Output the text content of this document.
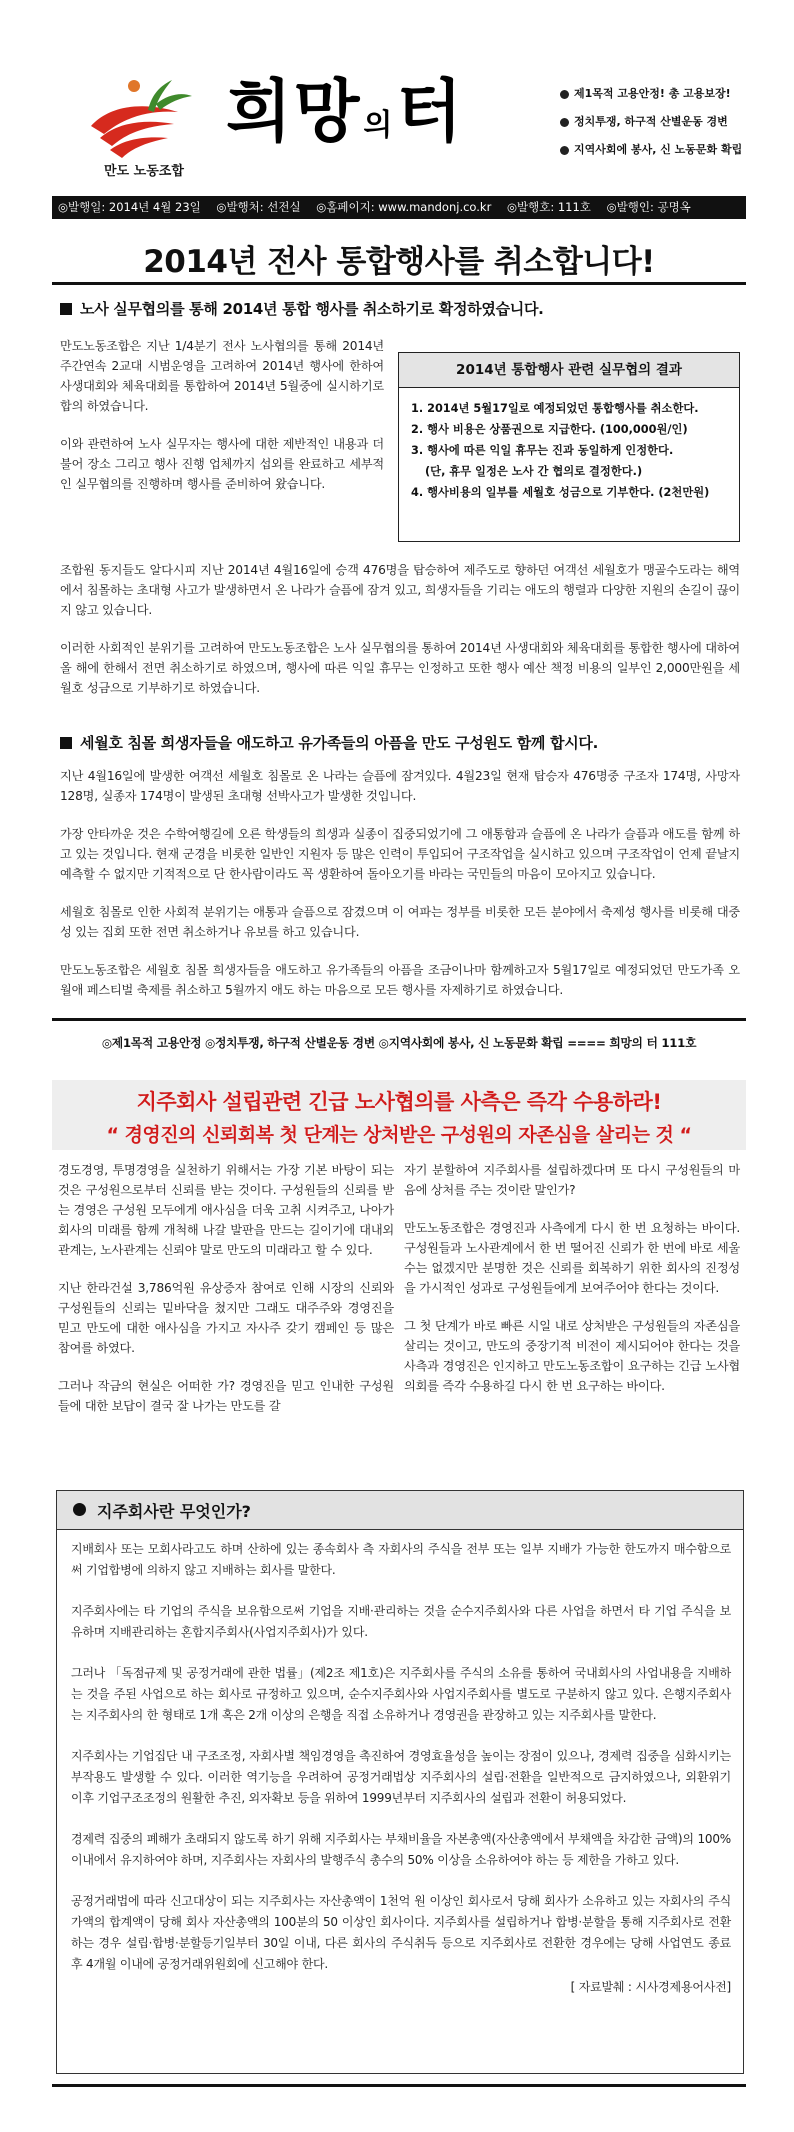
만도 노동조합
희망의터	제1목적 고용안정! 총 고용보장!
정치투쟁, 하구적 산별운동 경변
지역사회에 봉사, 신 노동문화 확립
◎발행일: 2014년 4월 23일 ◎발행처: 선전실 ◎홈페이지: www.mandonj.co.kr ◎발행호: 111호 ◎발행인: 공명옥
2014년 전사 통합행사를 취소합니다!
노사 실무협의를 통해 2014년 통합 행사를 취소하기로 확정하였습니다.

만도노동조합은 지난 1/4분기 전사 노사협의를 통해 2014년 주간연속 2교대 시범운영을 고려하여 2014년 행사에 한하여 사생대회와 체육대회를 통합하여 2014년 5월중에 실시하기로 합의 하였습니다.

이와 관련하여 노사 실무자는 행사에 대한 제반적인 내용과 더불어 장소 그리고 행사 진행 업체까지 섭외를 완료하고 세부적인 실무협의를 진행하며 행사를 준비하여 왔습니다.

2014년 통합행사 관련 실무협의 결과
1. 2014년 5월17일로 예정되었던 통합행사를 취소한다.
2. 행사 비용은 상품권으로 지급한다. (100,000원/인)
3. 행사에 따른 익일 휴무는 진과 동일하게 인정한다.
(단, 휴무 일정은 노사 간 협의로 결정한다.)
4. 행사비용의 일부를 세월호 성금으로 기부한다. (2천만원)

조합원 동지들도 알다시피 지난 2014년 4월16일에 승객 476명을 탑승하여 제주도로 향하던 여객선 세월호가 맹골수도라는 해역에서 침몰하는 초대형 사고가 발생하면서 온 나라가 슬픔에 잠겨 있고, 희생자들을 기리는 애도의 행렬과 다양한 지원의 손길이 끊이지 않고 있습니다.

이러한 사회적인 분위기를 고려하여 만도노동조합은 노사 실무협의를 통하여 2014년 사생대회와 체육대회를 통합한 행사에 대하여 올 해에 한해서 전면 취소하기로 하였으며, 행사에 따른 익일 휴무는 인정하고 또한 행사 예산 책정 비용의 일부인 2,000만원을 세월호 성금으로 기부하기로 하였습니다.

세월호 침몰 희생자들을 애도하고 유가족들의 아픔을 만도 구성원도 함께 합시다.

지난 4월16일에 발생한 여객선 세월호 침몰로 온 나라는 슬픔에 잠겨있다. 4월23일 현재 탑승자 476명중 구조자 174명, 사망자 128명, 실종자 174명이 발생된 초대형 선박사고가 발생한 것입니다.

가장 안타까운 것은 수학여행길에 오른 학생들의 희생과 실종이 집중되었기에 그 애통함과 슬픔에 온 나라가 슬픔과 애도를 함께 하고 있는 것입니다. 현재 군경을 비롯한 일반인 지원자 등 많은 인력이 투입되어 구조작업을 실시하고 있으며 구조작업이 언제 끝날지 예측할 수 없지만 기적적으로 단 한사람이라도 꼭 생환하여 돌아오기를 바라는 국민들의 마음이 모아지고 있습니다.

세월호 침몰로 인한 사회적 분위기는 애통과 슬픔으로 잠겼으며 이 여파는 정부를 비롯한 모든 분야에서 축제성 행사를 비롯해 대중성 있는 집회 또한 전면 취소하거나 유보를 하고 있습니다.

만도노동조합은 세월호 침몰 희생자들을 애도하고 유가족들의 아픔을 조금이나마 함께하고자 5월17일로 예정되었던 만도가족 오월애 페스티벌 축제를 취소하고 5월까지 애도 하는 마음으로 모든 행사를 자제하기로 하였습니다.

◎제1목적 고용안정 ◎정치투쟁, 하구적 산별운동 경변 ◎지역사회에 봉사, 신 노동문화 확립 ==== 희망의 터 111호
지주회사 설립관련 긴급 노사협의를 사측은 즉각 수용하라!
“ 경영진의 신뢰회복 첫 단계는 상처받은 구성원의 자존심을 살리는 것 “

경도경영, 투명경영을 실천하기 위해서는 가장 기본 바탕이 되는 것은 구성원으로부터 신뢰를 받는 것이다. 구성원들의 신뢰를 받는 경영은 구성원 모두에게 애사심을 더욱 고취 시켜주고, 나아가 회사의 미래를 함께 개척해 나갈 발판을 만드는 길이기에 대내외 관계는, 노사관계는 신뢰야 말로 만도의 미래라고 할 수 있다.

지난 한라건설 3,786억원 유상증자 참여로 인해 시장의 신뢰와 구성원들의 신뢰는 밑바닥을 쳤지만 그래도 대주주와 경영진을 믿고 만도에 대한 애사심을 가지고 자사주 갖기 캠페인 등 많은 참여를 하였다.

그러나 작금의 현실은 어떠한 가? 경영진을 믿고 인내한 구성원들에 대한 보답이 결국 잘 나가는 만도를 갈

자기 분할하여 지주회사를 설립하겠다며 또 다시 구성원들의 마음에 상처를 주는 것이란 말인가?

만도노동조합은 경영진과 사측에게 다시 한 번 요청하는 바이다. 구성원들과 노사관계에서 한 번 떨어진 신뢰가 한 번에 바로 세울 수는 없겠지만 분명한 것은 신뢰를 회복하기 위한 회사의 진정성을 가시적인 성과로 구성원들에게 보여주어야 한다는 것이다.

그 첫 단계가 바로 빠른 시일 내로 상처받은 구성원들의 자존심을 살리는 것이고, 만도의 중장기적 비전이 제시되어야 한다는 것을 사측과 경영진은 인지하고 만도노동조합이 요구하는 긴급 노사협의회를 즉각 수용하길 다시 한 번 요구하는 바이다.

지주회사란 무엇인가?

지배회사 또는 모회사라고도 하며 산하에 있는 종속회사 측 자회사의 주식을 전부 또는 일부 지배가 가능한 한도까지 매수함으로써 기업합병에 의하지 않고 지배하는 회사를 말한다.

지주회사에는 타 기업의 주식을 보유함으로써 기업을 지배·관리하는 것을 순수지주회사와 다른 사업을 하면서 타 기업 주식을 보유하며 지배관리하는 혼합지주회사(사업지주회사)가 있다.

그러나 「독점규제 및 공정거래에 관한 법률」(제2조 제1호)은 지주회사를 주식의 소유를 통하여 국내회사의 사업내용을 지배하는 것을 주된 사업으로 하는 회사로 규정하고 있으며, 순수지주회사와 사업지주회사를 별도로 구분하지 않고 있다. 은행지주회사는 지주회사의 한 형태로 1개 혹은 2개 이상의 은행을 직접 소유하거나 경영권을 관장하고 있는 지주회사를 말한다.

지주회사는 기업집단 내 구조조정, 자회사별 책임경영을 촉진하여 경영효율성을 높이는 장점이 있으나, 경제력 집중을 심화시키는 부작용도 발생할 수 있다. 이러한 역기능을 우려하여 공정거래법상 지주회사의 설립·전환을 일반적으로 금지하였으나, 외환위기 이후 기업구조조정의 원활한 추진, 외자확보 등을 위하여 1999년부터 지주회사의 설립과 전환이 허용되었다.

경제력 집중의 폐해가 초래되지 않도록 하기 위해 지주회사는 부채비율을 자본총액(자산총액에서 부채액을 차감한 금액)의 100% 이내에서 유지하여야 하며, 지주회사는 자회사의 발행주식 총수의 50% 이상을 소유하여야 하는 등 제한을 가하고 있다.

공정거래법에 따라 신고대상이 되는 지주회사는 자산총액이 1천억 원 이상인 회사로서 당해 회사가 소유하고 있는 자회사의 주식가액의 합계액이 당해 회사 자산총액의 100분의 50 이상인 회사이다. 지주회사를 설립하거나 합병·분할을 통해 지주회사로 전환하는 경우 설립·합병·분할등기일부터 30일 이내, 다른 회사의 주식취득 등으로 지주회사로 전환한 경우에는 당해 사업연도 종료 후 4개월 이내에 공정거래위원회에 신고해야 한다.

[ 자료발췌 : 시사경제용어사전]
